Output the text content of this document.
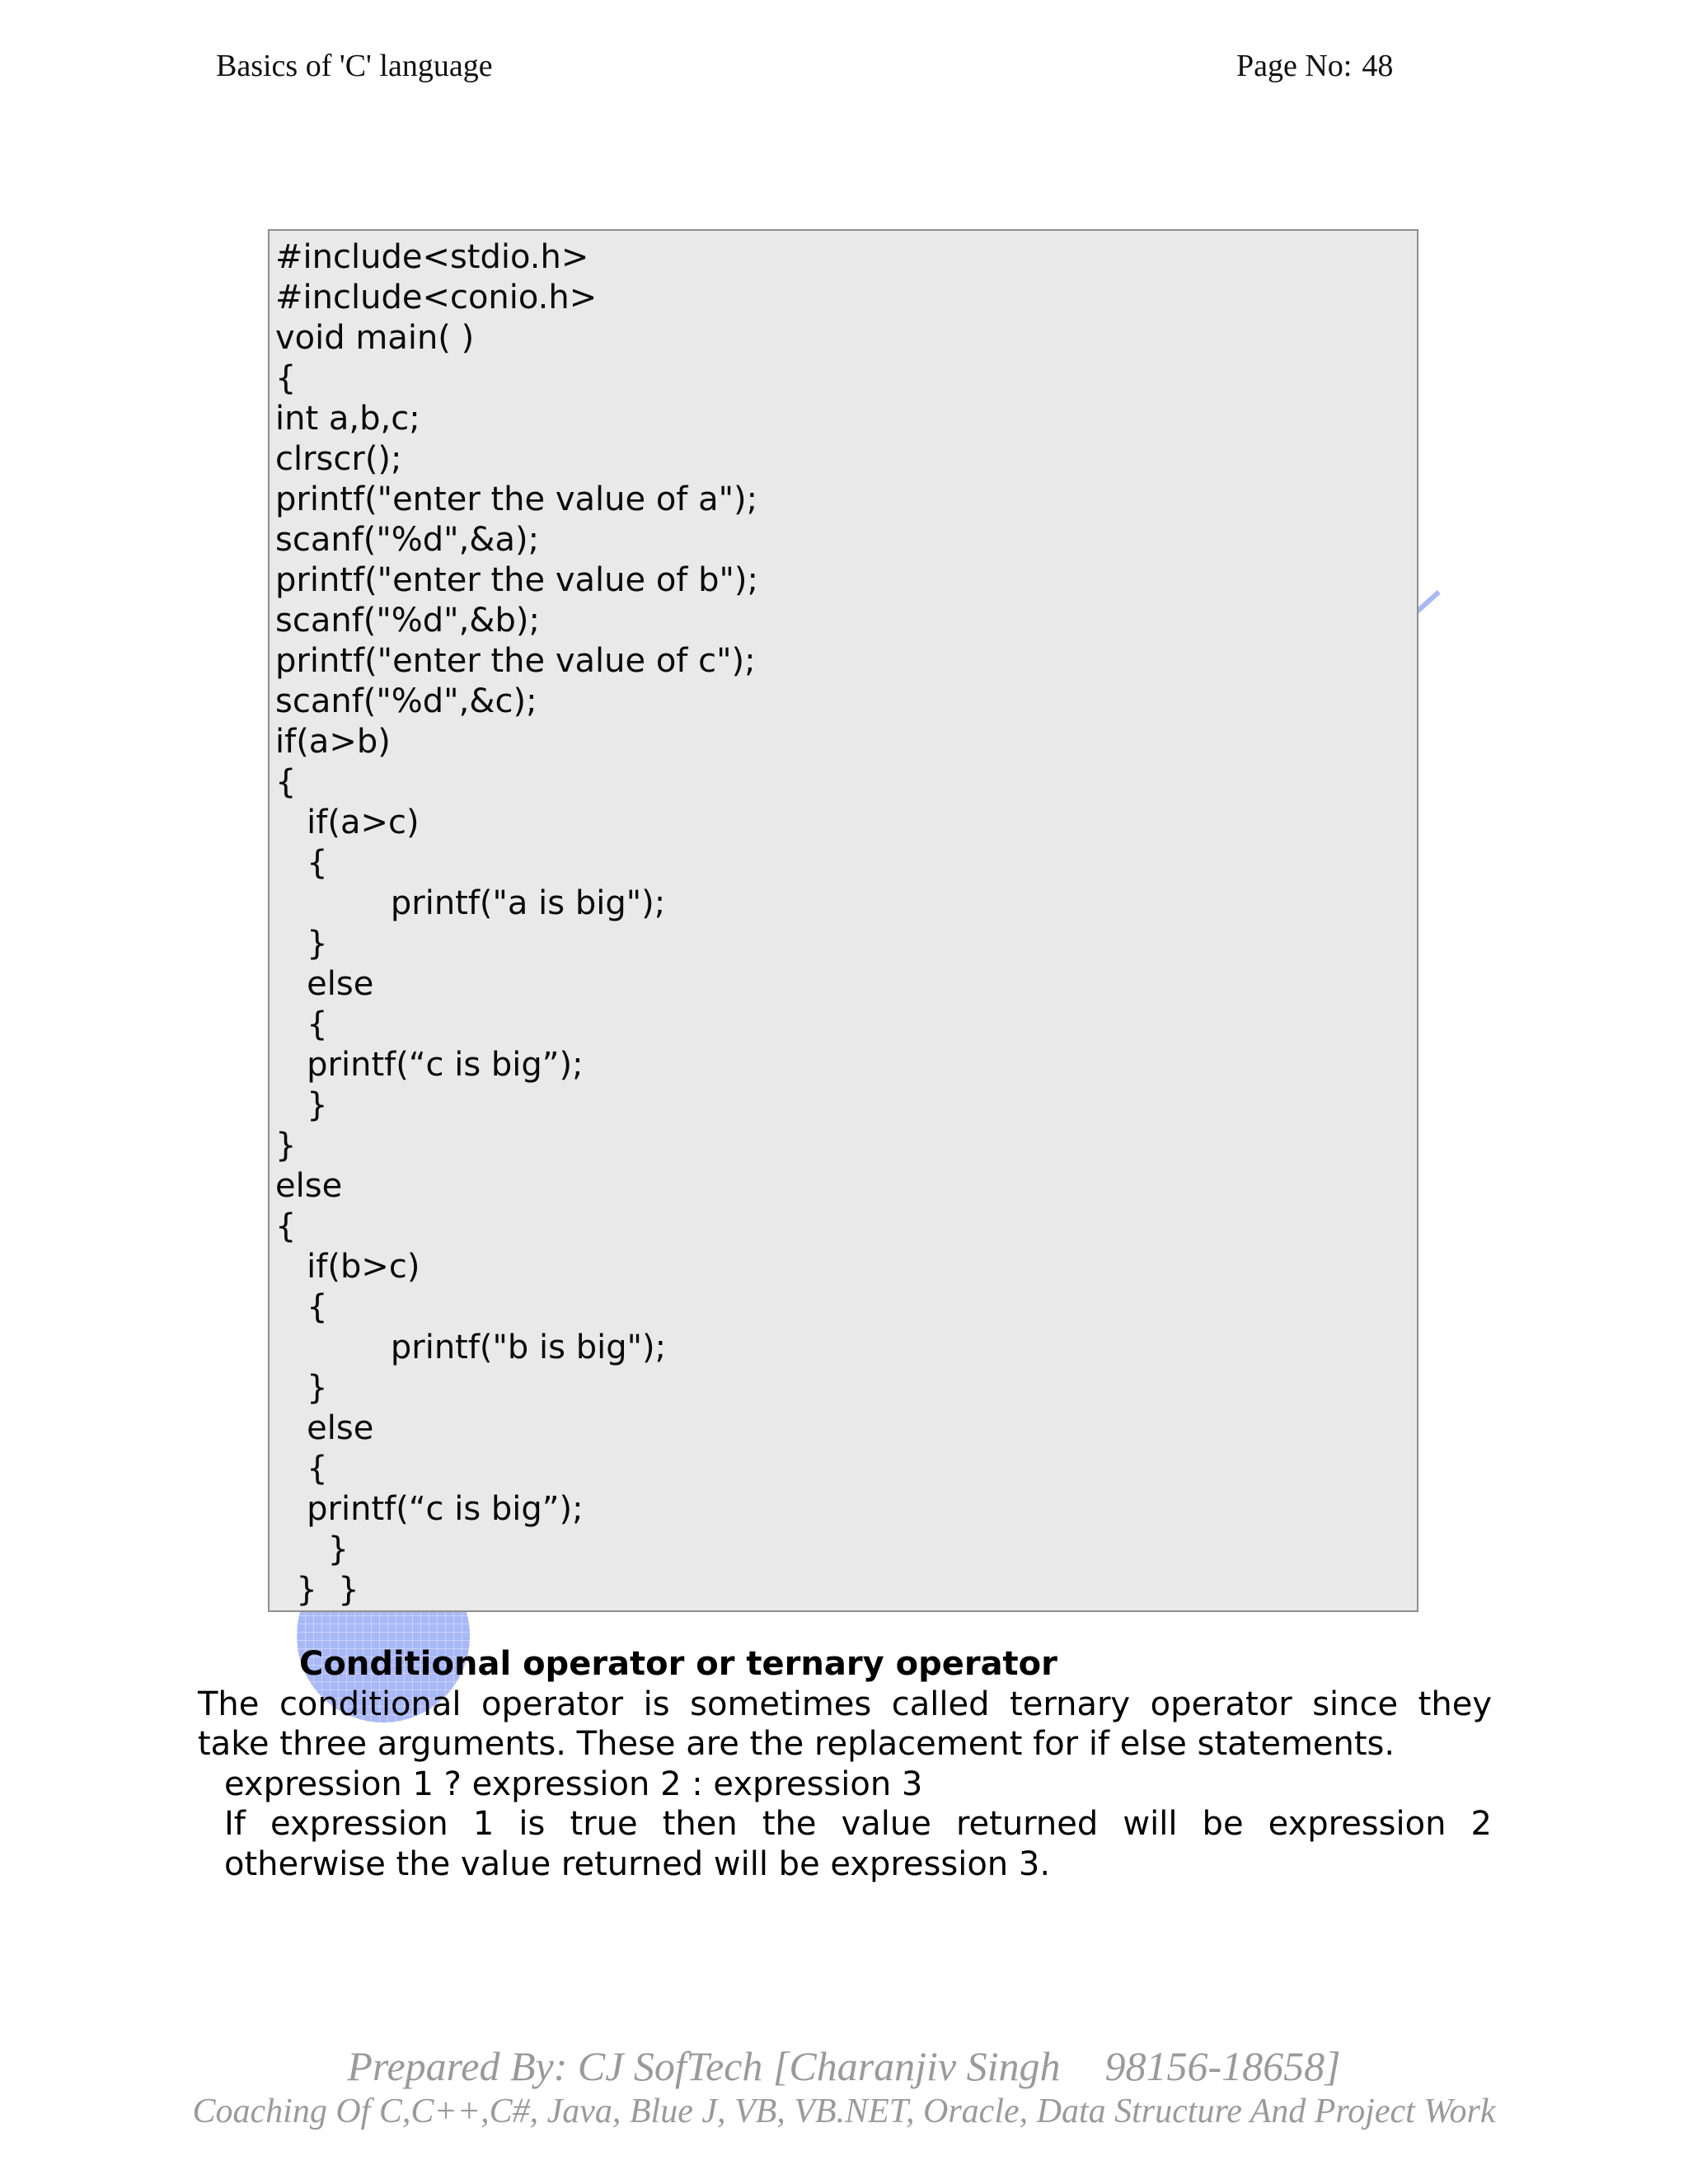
Basics of 'C' language	Page No: 48
#include<stdio.h>
#include<conio.h>
void main( )
{
int a,b,c;
clrscr();
printf("enter the value of a");
scanf("%d",&a);
printf("enter the value of b");
scanf("%d",&b);
printf("enter the value of c");
scanf("%d",&c);
if(a>b)
{
if(a>c)
{
printf("a is big");
}
else
{
printf(“c is big”);
}
}
else
{
if(b>c)
{
printf("b is big");
}
else
{
printf(“c is big”);
}
}  }
Conditional operator or ternary operator
The conditional operator is sometimes called ternary operator since they
take three arguments. These are the replacement for if else statements.
expression 1 ? expression 2 : expression 3
If expression 1 is true then the value returned will be expression 2
otherwise the value returned will be expression 3.
Prepared By: CJ SofTech [Charanjiv Singh 98156-18658]
Coaching Of C,C++,C#, Java, Blue J, VB, VB.NET, Oracle, Data Structure And Project Work
